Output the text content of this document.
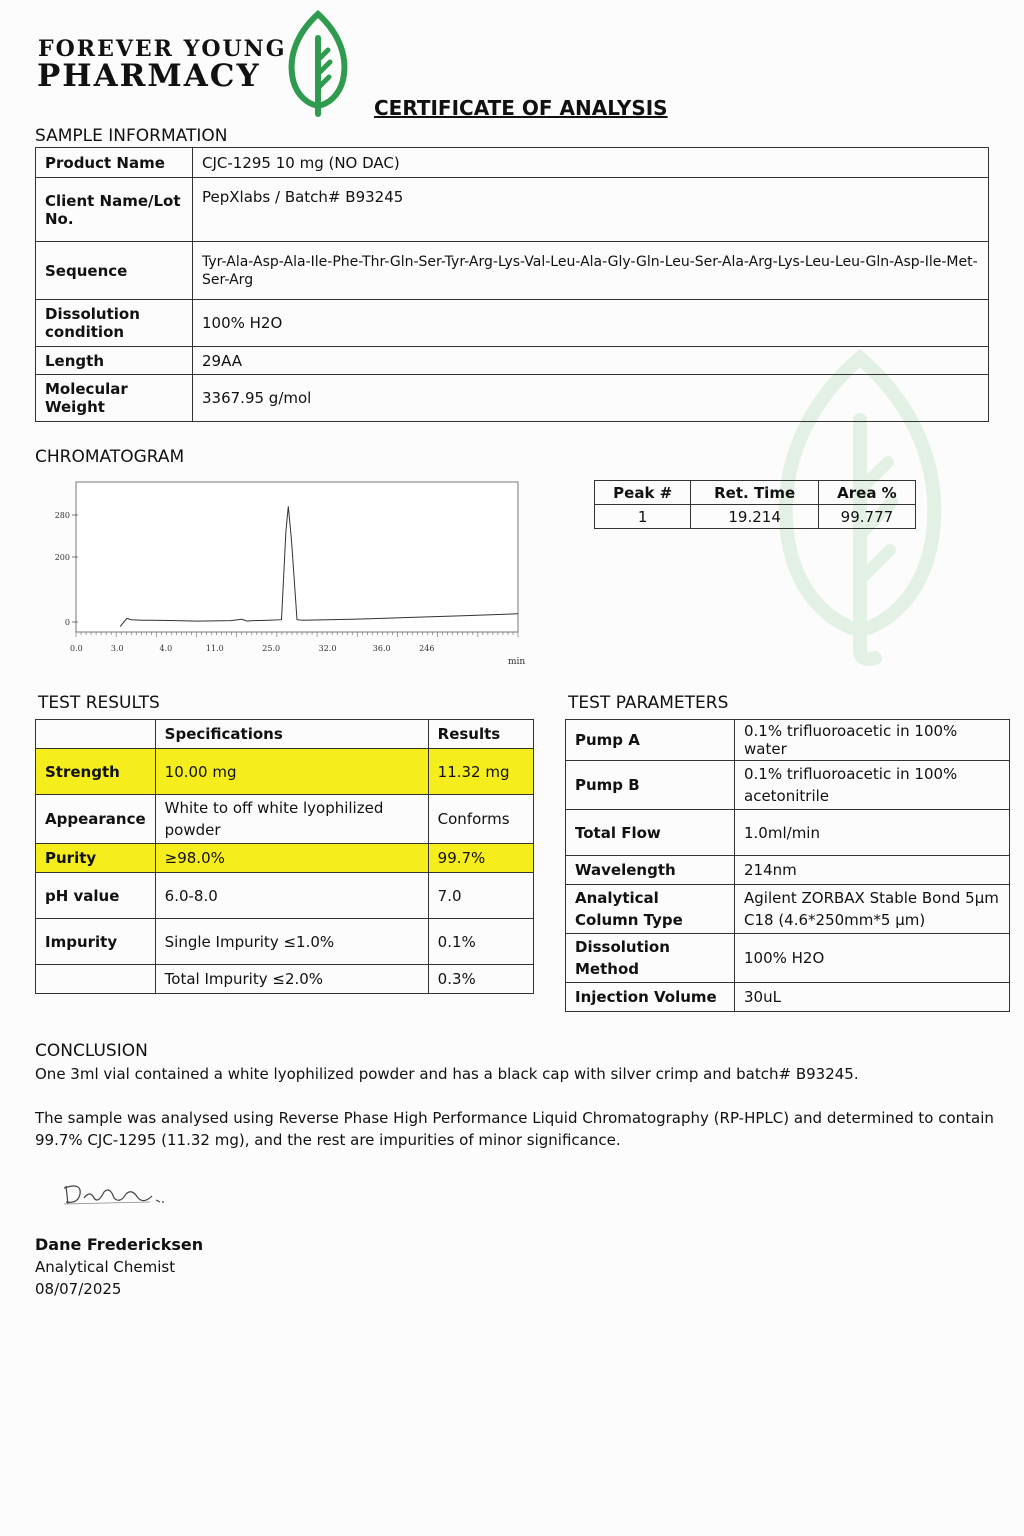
FOREVER YOUNG
PHARMACY
CERTIFICATE OF ANALYSIS
SAMPLE INFORMATION
Product Name	CJC-1295 10 mg (NO DAC)
Client Name/Lot No.	PepXlabs / Batch# B93245
Sequence	Tyr-Ala-Asp-Ala-Ile-Phe-Thr-Gln-Ser-Tyr-Arg-Lys-Val-Leu-Ala-Gly-Gln-Leu-Ser-Ala-Arg-Lys-Leu-Leu-Gln-Asp-Ile-Met-Ser-Arg
Dissolution condition	100% H2O
Length	29AA
Molecular Weight	3367.95 g/mol
CHROMATOGRAM
0.0	3.0	4.0	11.0	25.0	32.0	36.0	246
280
200
0
min
Peak #	Ret. Time	Area %
1	19.214	99.777
TEST RESULTS
	Specifications	Results
Strength	10.00 mg	11.32 mg
Appearance	White to off white lyophilized powder	Conforms
Purity	≥98.0%	99.7%
pH value	6.0-8.0	7.0
Impurity	Single Impurity ≤1.0%	0.1%
	Total Impurity ≤2.0%	0.3%
TEST PARAMETERS
Pump A	0.1% trifluoroacetic in 100% water
Pump B	0.1% trifluoroacetic in 100% acetonitrile
Total Flow	1.0ml/min
Wavelength	214nm
Analytical Column Type	Agilent ZORBAX Stable Bond 5µm C18 (4.6*250mm*5 µm)
Dissolution Method	100% H2O
Injection Volume	30uL
CONCLUSION
One 3ml vial contained a white lyophilized powder and has a black cap with silver crimp and batch# B93245.
The sample was analysed using Reverse Phase High Performance Liquid Chromatography (RP-HPLC) and determined to contain 99.7% CJC-1295 (11.32 mg), and the rest are impurities of minor significance.
Dane Fredericksen
Analytical Chemist
08/07/2025
